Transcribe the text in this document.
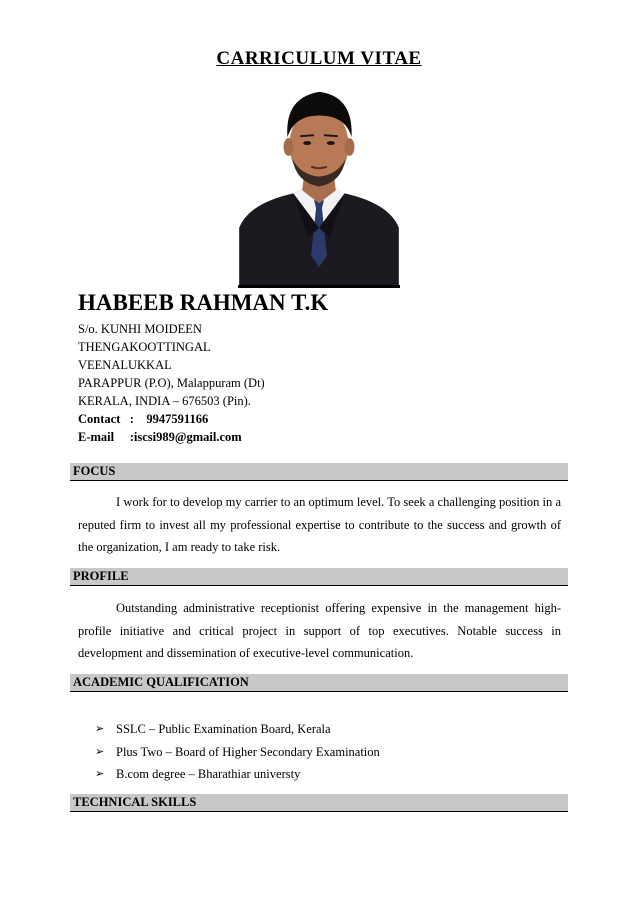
CARRICULUM VITAE
HABEEB RAHMAN T.K
S/o. KUNHI MOIDEEN
THENGAKOOTTINGAL
VEENALUKKAL
PARAPPUR (P.O), Malappuram (Dt)
KERALA, INDIA – 676503 (Pin).
Contact   :    9947591166
E-mail     :iscsi989@gmail.com
FOCUS
I work for to develop my carrier to an optimum level. To seek a challenging position in a reputed firm to invest all my professional expertise to contribute to the success and growth of the organization, I am ready to take risk.
PROFILE
Outstanding administrative receptionist offering expensive in the management high-profile initiative and critical project in support of top executives. Notable success in development and dissemination of executive-level communication.
ACADEMIC QUALIFICATION
➢ SSLC – Public Examination Board, Kerala
➢ Plus Two – Board of Higher Secondary Examination
➢ B.com degree – Bharathiar universty
TECHNICAL SKILLS
